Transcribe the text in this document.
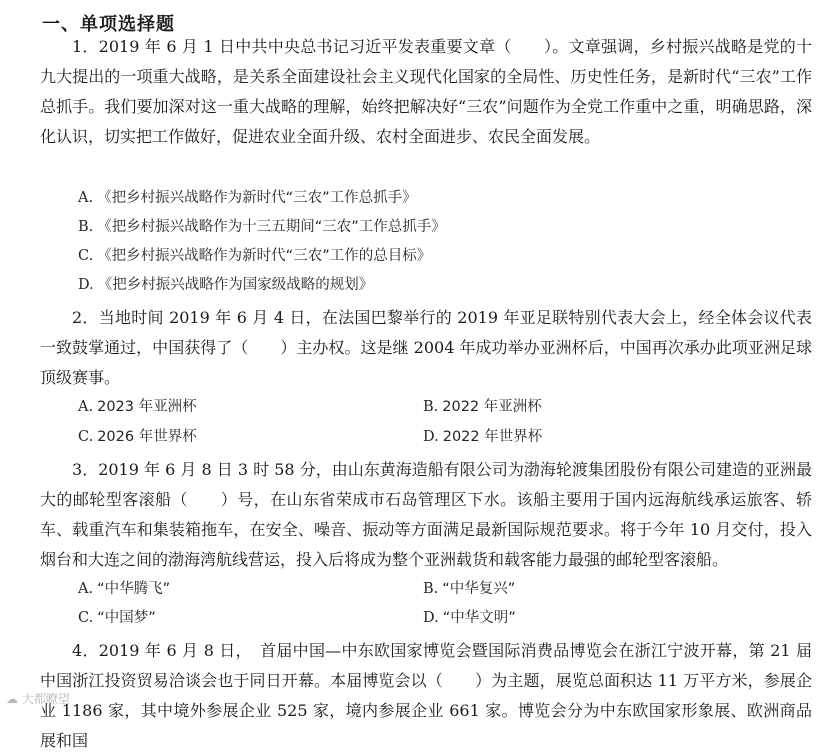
一、单项选择题

1．2019 年 6 月 1 日中共中央总书记习近平发表重要文章（　　）。文章强调，乡村振兴战略是党的十九大提出的一项重大战略，是关系全面建设社会主义现代化国家的全局性、历史性任务，是新时代“三农”工作总抓手。我们要加深对这一重大战略的理解，始终把解决好“三农”问题作为全党工作重中之重，明确思路，深化认识，切实把工作做好，促进农业全面升级、农村全面进步、农民全面发展。

A. 《把乡村振兴战略作为新时代“三农”工作总抓手》
B. 《把乡村振兴战略作为十三五期间“三农”工作总抓手》
C. 《把乡村振兴战略作为新时代“三农”工作的总目标》
D. 《把乡村振兴战略作为国家级战略的规划》

2．当地时间 2019 年 6 月 4 日，在法国巴黎举行的 2019 年亚足联特别代表大会上，经全体会议代表一致鼓掌通过，中国获得了（　　）主办权。这是继 2004 年成功举办亚洲杯后，中国再次承办此项亚洲足球顶级赛事。

A. 2023 年亚洲杯	B. 2022 年亚洲杯
C. 2026 年世界杯	D. 2022 年世界杯

3．2019 年 6 月 8 日 3 时 58 分，由山东黄海造船有限公司为渤海轮渡集团股份有限公司建造的亚洲最大的邮轮型客滚船（　　）号，在山东省荣成市石岛管理区下水。该船主要用于国内远海航线承运旅客、轿车、载重汽车和集装箱拖车，在安全、噪音、振动等方面满足最新国际规范要求。将于今年 10 月交付，投入烟台和大连之间的渤海湾航线营运，投入后将成为整个亚洲载货和载客能力最强的邮轮型客滚船。

A. “中华腾飞”	B. “中华复兴”
C. “中国梦”	D. “中华文明”

4．2019 年 6 月 8 日，　首届中国—中东欧国家博览会暨国际消费品博览会在浙江宁波开幕，第 21 届中国浙江投资贸易洽谈会也于同日开幕。本届博览会以（　　）为主题，展览总面积达 11 万平方米，参展企业 1186 家，其中境外参展企业 525 家，境内参展企业 661 家。博览会分为中东欧国家形象展、欧洲商品展和国

☁ 大都瞭望
